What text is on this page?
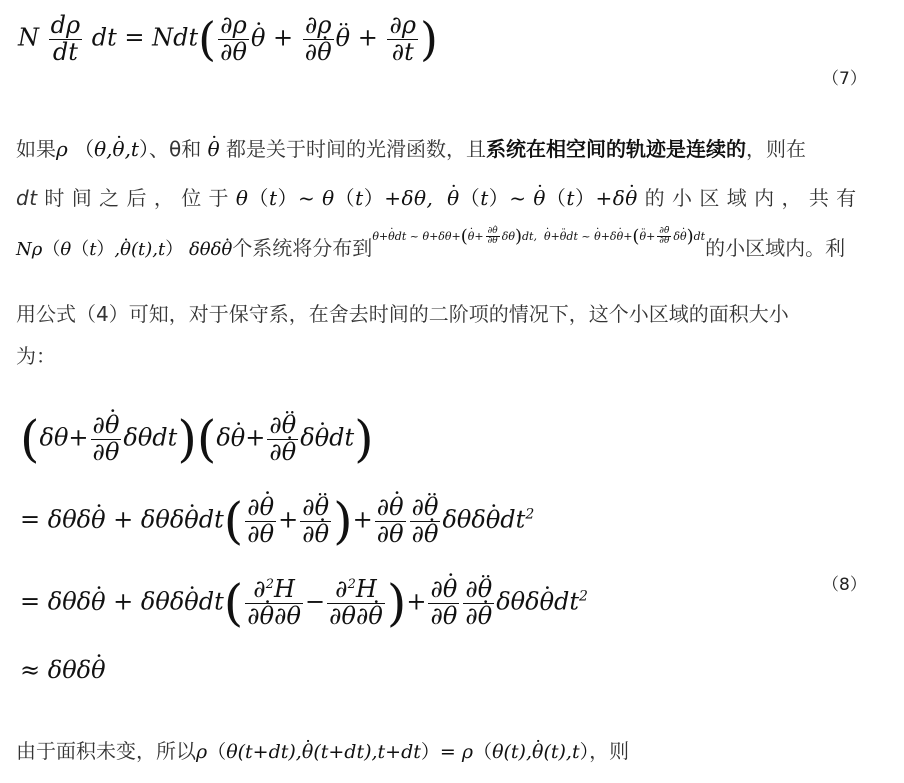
N $\frac{d\rho}{dt}$ dt = $Ndt( \frac{\partial\rho}{\partial\theta}$ θ · + $\frac{\partial\rho}{\partial\theta} \cdot \theta$ ·· + $\frac{\partial\rho}{\partial t}$ )
（7）
如果ρ （θ,θ ·,t）、θ和 θ · 都是关于时间的光滑函数，且系统在相空间的轨迹是连续的，则在
dt 时 间 之 后 ， 位 于 θ（t）~ θ（t）+δθ,  θ ·（t）~ θ ·（t）+δθ · 的 小 区 域 内 ， 共 有
Nρ（θ（t）,θ ·(t),t） δθδθ ·个系统将分布到$^{\theta+\theta \cdot dt \sim \theta+\delta\theta+(\theta \cdot+ \frac{\partial\theta \cdot}{\partial\theta} \delta\theta)dt, \theta \cdot+\theta \cdot\cdot dt \sim \theta \cdot+\delta\theta \cdot+(\theta \cdot\cdot+ \frac{\partial\theta \cdot\cdot}{\partial\theta} \cdot \delta\theta \cdot)dt}$的小区域内。利
用公式（4）可知，对于保守系，在舍去时间的二阶项的情况下，这个小区域的面积大小
为：
$(\delta\theta+ \frac{\partial\theta \cdot}{\partial\theta} \delta\theta dt)(\delta\theta \cdot+ \frac{\partial\theta \cdot\cdot}{\partial\theta} \cdot \delta\theta \cdot dt)$
= δθδθ · + $\delta\theta\delta\theta \cdot dt( \frac{\partial\theta \cdot}{\partial\theta} + \frac{\partial\theta \cdot\cdot}{\partial\theta}$ · )+ $\frac{\partial\theta \cdot}{\partial\theta} \frac{\partial\theta \cdot\cdot}{\partial\theta} \cdot \delta\theta\delta\theta \cdot dt^2$
= δθδθ · + $\delta\theta\delta\theta \cdot dt( \frac{\partial^2H}{\partial\theta \cdot\partial\theta} - \frac{\partial^2H}{\partial\theta\partial\theta}$ · )+ $\frac{\partial\theta \cdot}{\partial\theta} \frac{\partial\theta \cdot\cdot}{\partial\theta} \cdot \delta\theta\delta\theta \cdot dt^2$
≈ δθδθ ·
（8）
由于面积未变，所以ρ（θ(t+dt),θ ·(t+dt),t+dt）= ρ（θ(t),θ ·(t),t），则
